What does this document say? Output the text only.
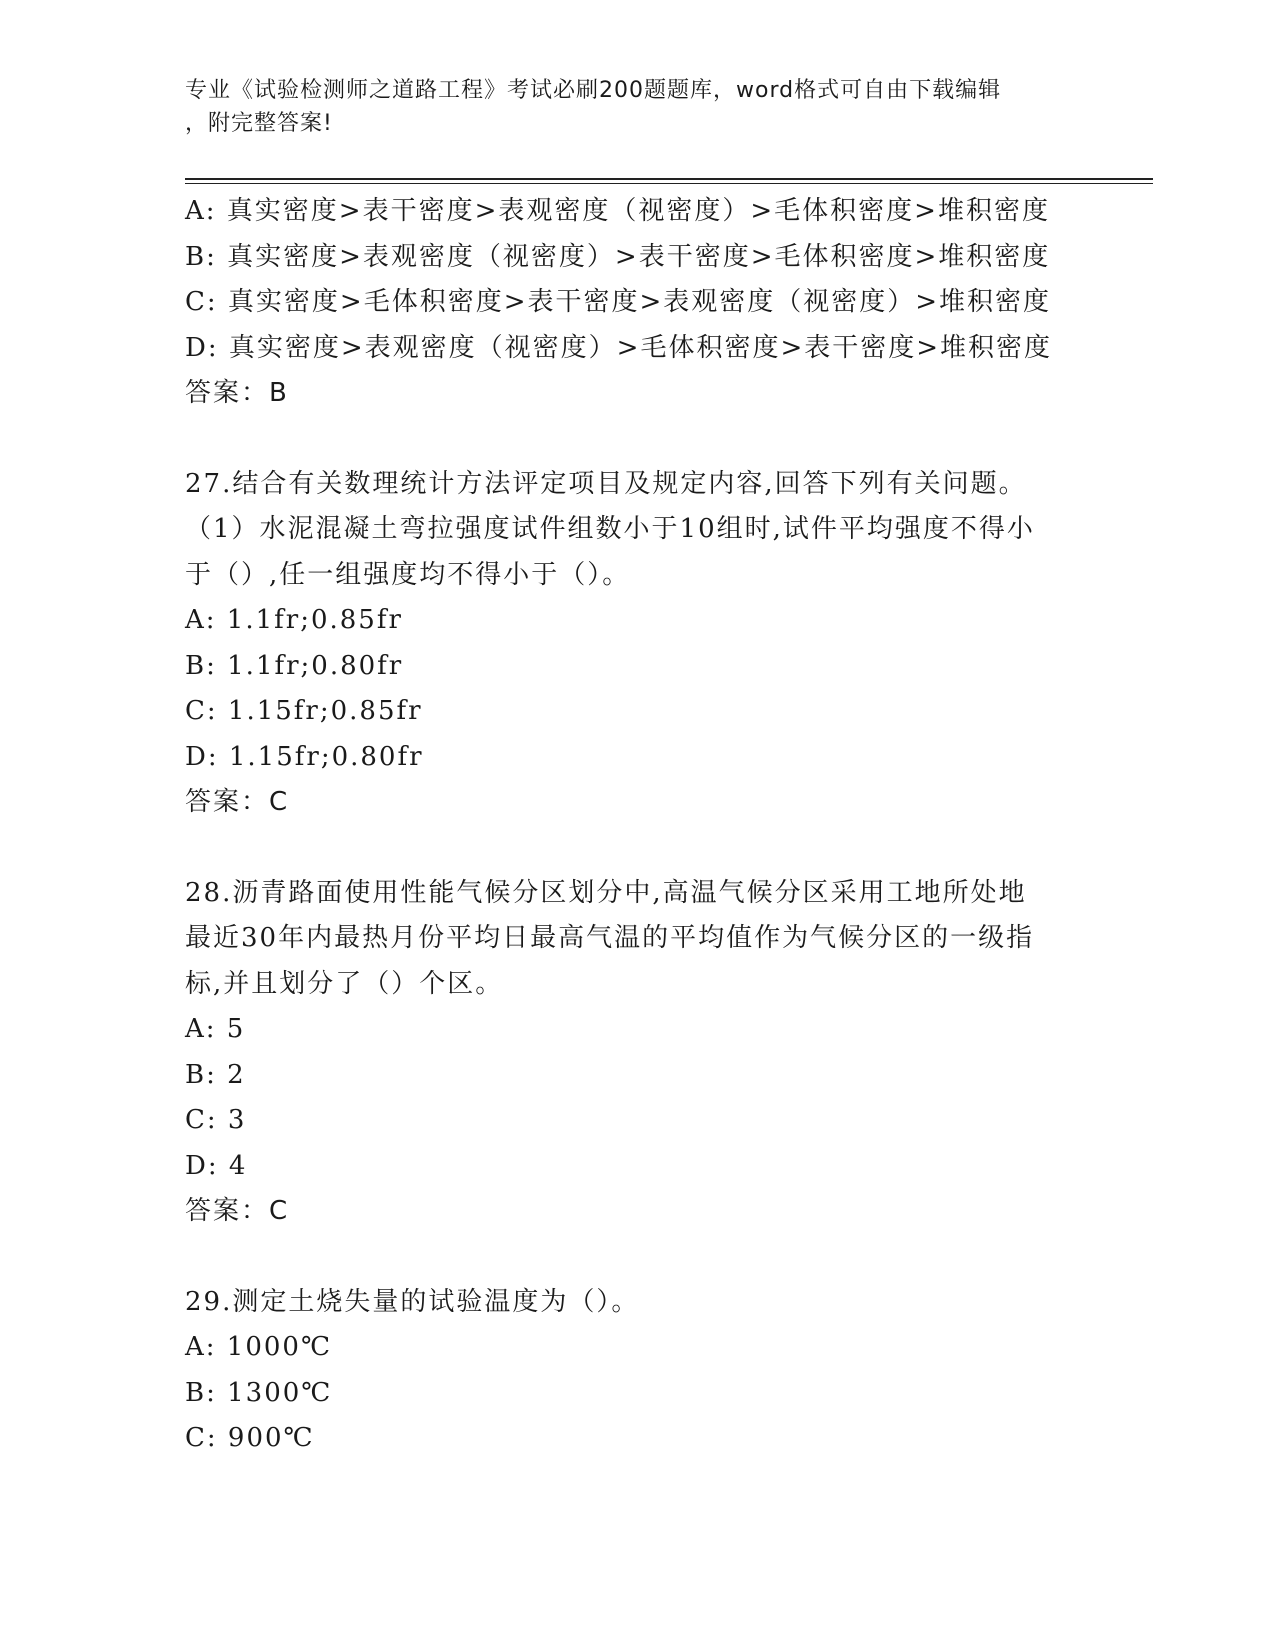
专业《试验检测师之道路工程》考试必刷200题题库，word格式可自由下载编辑
，附完整答案!
A: 真实密度>表干密度>表观密度（视密度）>毛体积密度>堆积密度
B: 真实密度>表观密度（视密度）>表干密度>毛体积密度>堆积密度
C: 真实密度>毛体积密度>表干密度>表观密度（视密度）>堆积密度
D: 真实密度>表观密度（视密度）>毛体积密度>表干密度>堆积密度
答案：B
27.结合有关数理统计方法评定项目及规定内容,回答下列有关问题。
（1）水泥混凝土弯拉强度试件组数小于10组时,试件平均强度不得小
于（）,任一组强度均不得小于（）。
A: 1.1fr;0.85fr
B: 1.1fr;0.80fr
C: 1.15fr;0.85fr
D: 1.15fr;0.80fr
答案：C
28.沥青路面使用性能气候分区划分中,高温气候分区采用工地所处地
最近30年内最热月份平均日最高气温的平均值作为气候分区的一级指
标,并且划分了（）个区。
A: 5
B: 2
C: 3
D: 4
答案：C
29.测定土烧失量的试验温度为（）。
A: 1000℃
B: 1300℃
C: 900℃
